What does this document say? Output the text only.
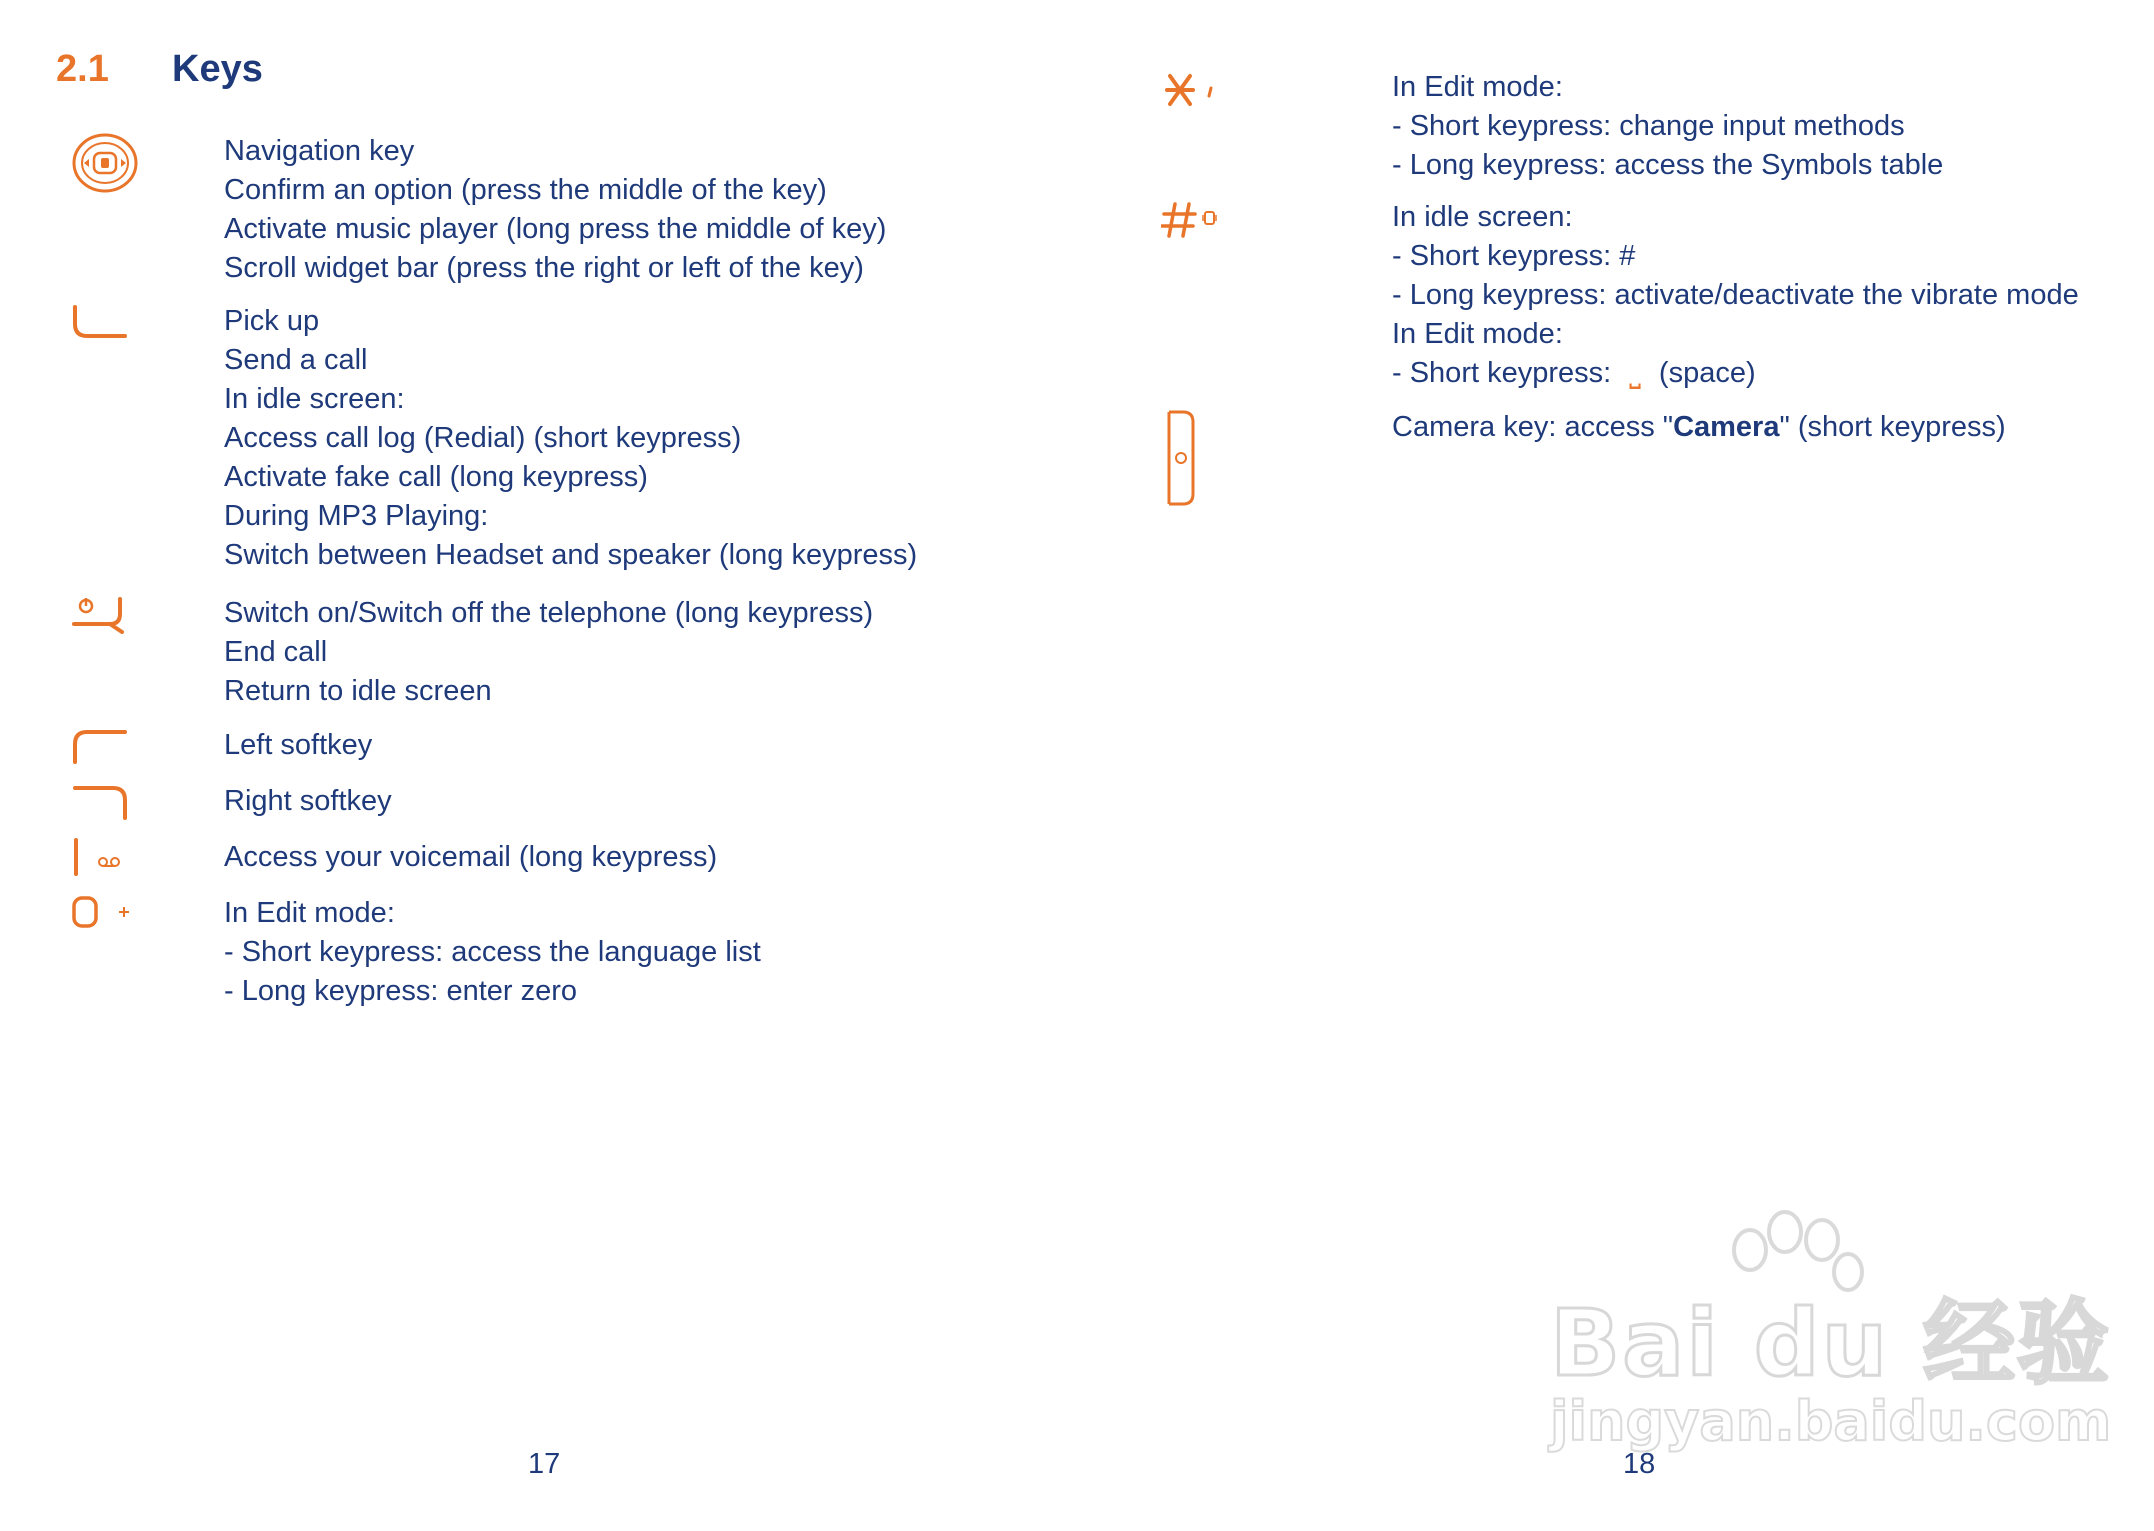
2.1 Keys
Navigation key
Confirm an option (press the middle of the key)
Activate music player (long press the middle of key)
Scroll widget bar (press the right or left of the key)
Pick up
Send a call
In idle screen:
Access call log (Redial) (short keypress)
Activate fake call (long keypress)
During MP3 Playing:
Switch between Headset and speaker (long keypress)
Switch on/Switch off the telephone (long keypress)
End call
Return to idle screen
Left softkey
Right softkey
Access your voicemail (long keypress)
In Edit mode:
- Short keypress: access the language list
- Long keypress: enter zero
17
In Edit mode:
- Short keypress: change input methods
- Long keypress: access the Symbols table
In idle screen:
- Short keypress: #
- Long keypress: activate/deactivate the vibrate mode
In Edit mode:
- Short keypress: ⎵ (space)
Camera key: access "Camera" (short keypress)
18
Bai du 经验
jingyan.baidu.com
